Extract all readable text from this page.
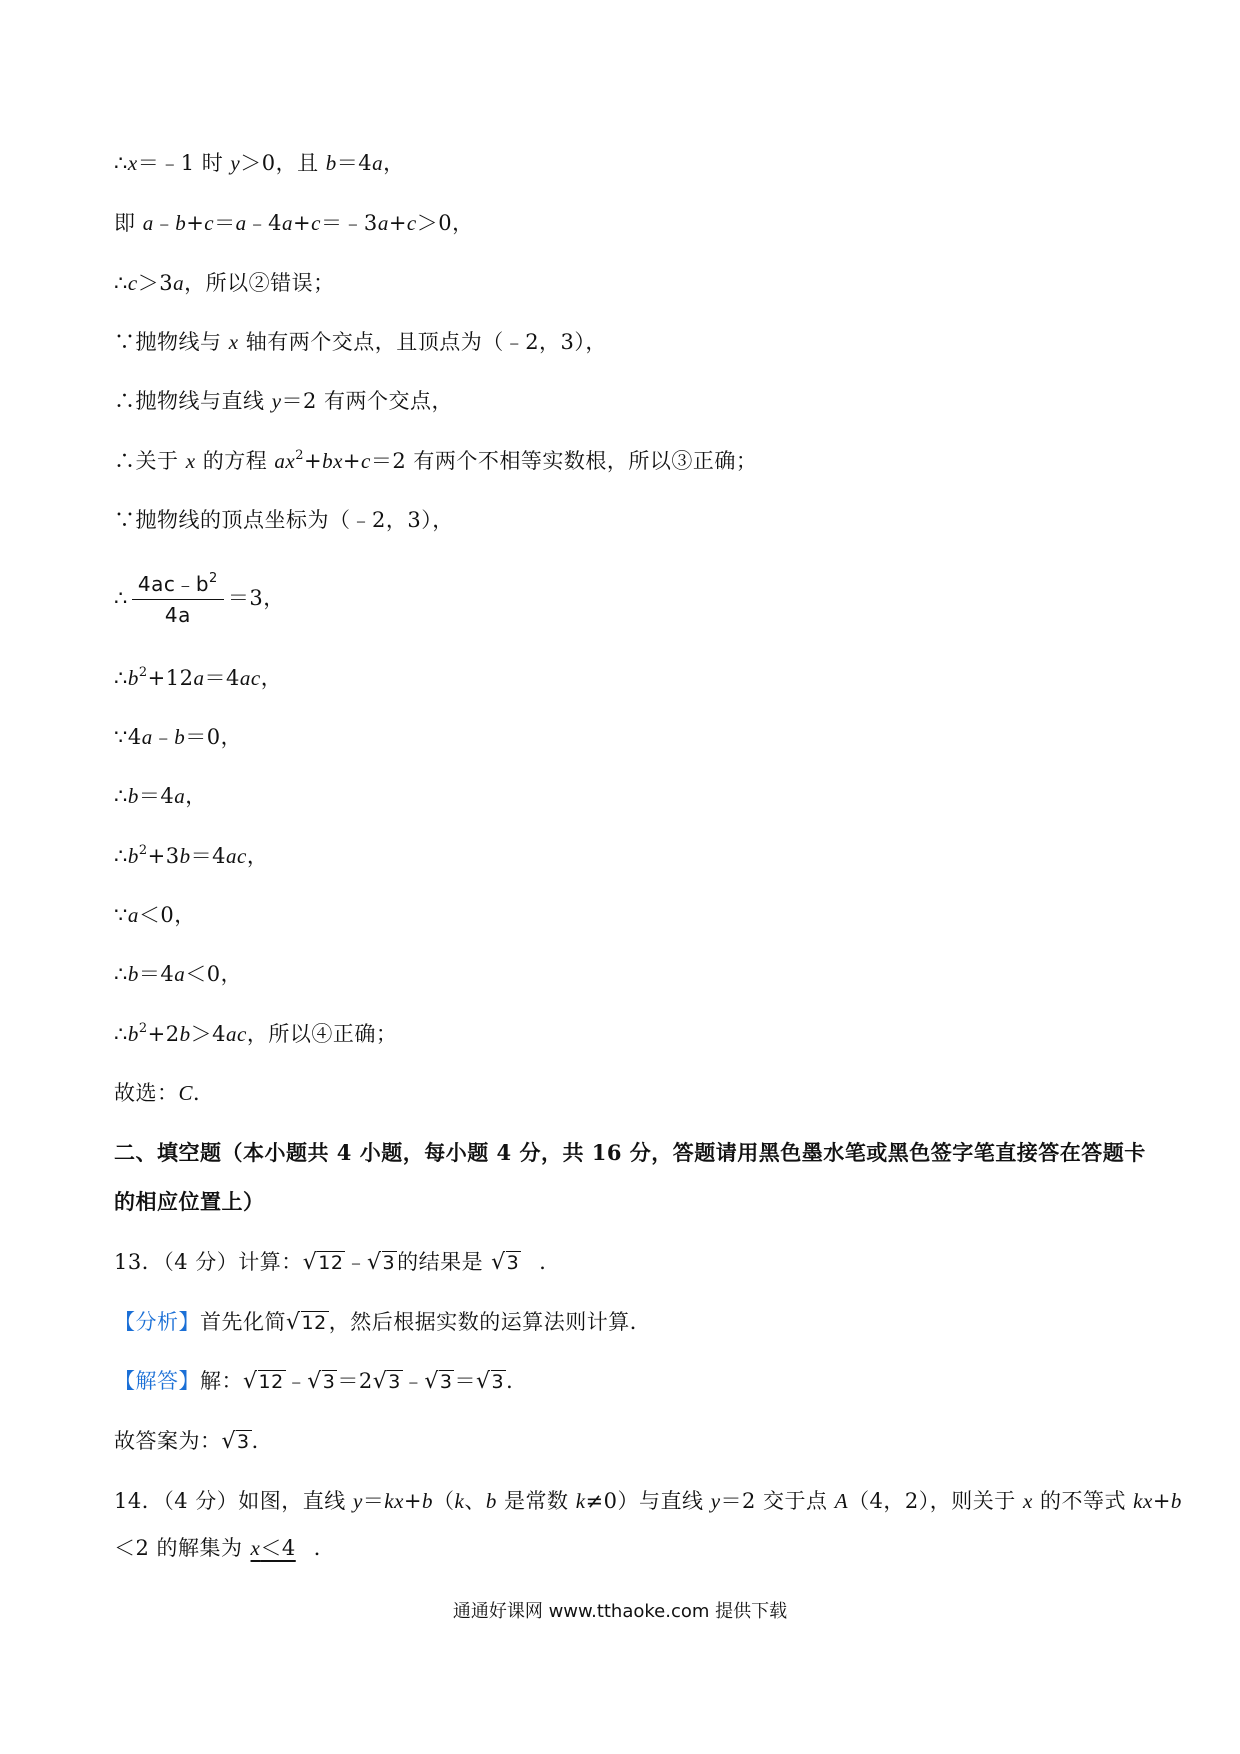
∴x＝﹣1 时 y＞0，且 b＝4a，
即 a﹣b+c＝a﹣4a+c＝﹣3a+c＞0，
∴c＞3a，所以②错误；
∵抛物线与 x 轴有两个交点，且顶点为（﹣2，3），
∴抛物线与直线 y＝2 有两个交点，
∴关于 x 的方程 $ax^2+bx+c=2$ 有两个不相等实数根，所以③正确；
∵抛物线的顶点坐标为（﹣2，3），
∴ $\frac{4ac﹣b^2}{4a} =3$，
$\therefore b^2+12a=4ac$，
∵4a﹣b＝0，
∴b＝4a，
$\therefore b^2+3b=4ac$，
∵a＜0，
∴b＝4a＜0，
$\therefore b^2+2b>4ac$，所以④正确；
故选：C．
二、填空题（本小题共 4 小题，每小题 4 分，共 16 分，答题请用黑色墨水笔或黑色签字笔直接答在答题卡
的相应位置上）
13．（4 分）计算：√12﹣√3的结果是 √3 ．
【分析】首先化简√12，然后根据实数的运算法则计算．
【解答】解：√12﹣√3＝2√3﹣√3＝√3．
故答案为：√3．
14．（4 分）如图，直线 y＝kx+b（k、b 是常数 k≠0）与直线 y＝2 交于点 A（4，2），则关于 x 的不等式 kx+b
＜2 的解集为 x＜4 ．
通通好课网 www.tthaoke.com 提供下载
